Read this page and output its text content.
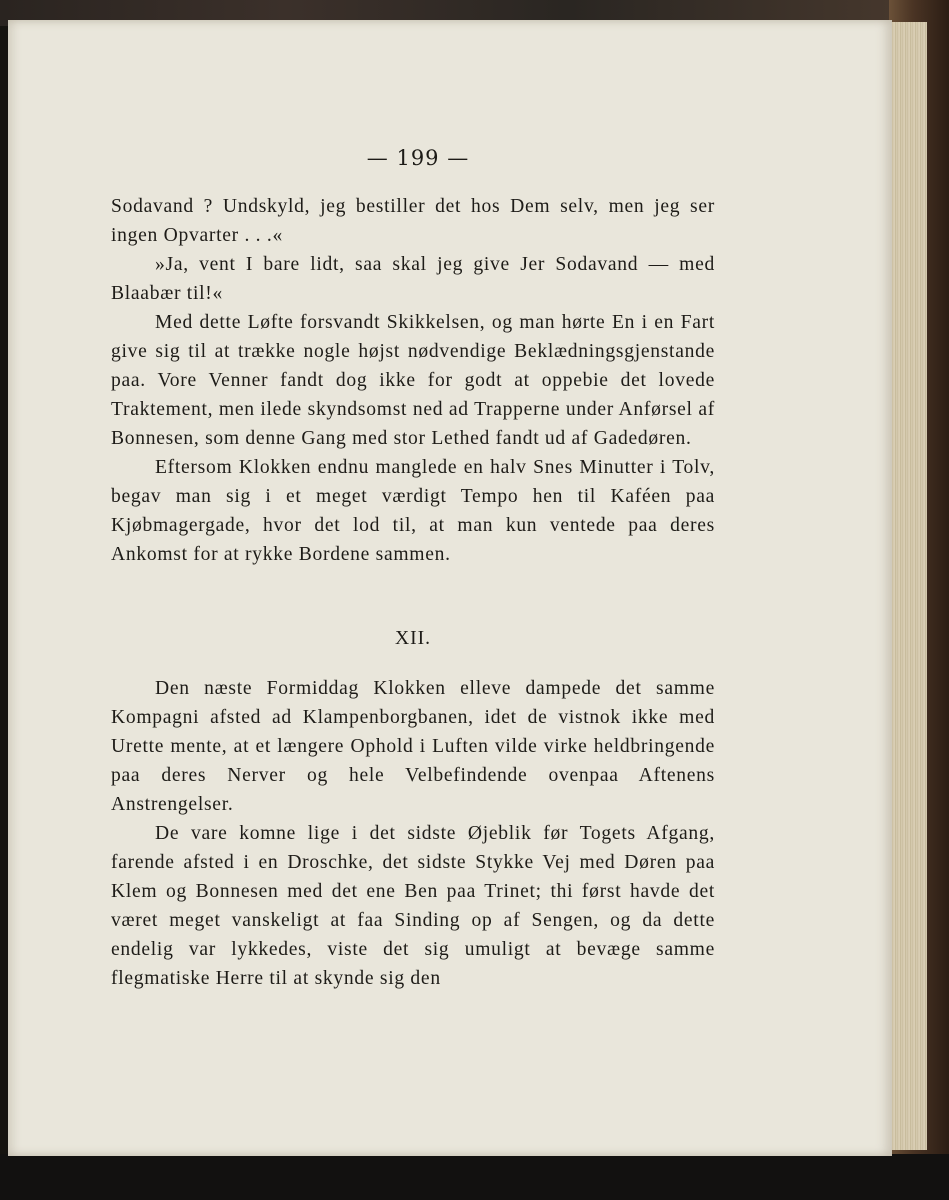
— 199 —

Sodavand ? Undskyld, jeg bestiller det hos Dem selv, men jeg ser ingen Opvarter . . .«

»Ja, vent I bare lidt, saa skal jeg give Jer Sodavand — med Blaabær til!«

Med dette Løfte forsvandt Skikkelsen, og man hørte En i en Fart give sig til at trække nogle højst nødvendige Beklædningsgjenstande paa. Vore Venner fandt dog ikke for godt at oppebie det lovede Traktement, men ilede skyndsomst ned ad Trapperne under Anførsel af Bonnesen, som denne Gang med stor Lethed fandt ud af Gadedøren.

Eftersom Klokken endnu manglede en halv Snes Minutter i Tolv, begav man sig i et meget værdigt Tempo hen til Kaféen paa Kjøbmagergade, hvor det lod til, at man kun ventede paa deres Ankomst for at rykke Bordene sammen.

XII.

Den næste Formiddag Klokken elleve dampede det samme Kompagni afsted ad Klampenborgbanen, idet de vistnok ikke med Urette mente, at et længere Ophold i Luften vilde virke heldbringende paa deres Nerver og hele Velbefindende ovenpaa Aftenens Anstrengelser.

De vare komne lige i det sidste Øjeblik før Togets Afgang, farende afsted i en Droschke, det sidste Stykke Vej med Døren paa Klem og Bonnesen med det ene Ben paa Trinet; thi først havde det været meget vanskeligt at faa Sinding op af Sengen, og da dette endelig var lykkedes, viste det sig umuligt at bevæge samme flegmatiske Herre til at skynde sig den
